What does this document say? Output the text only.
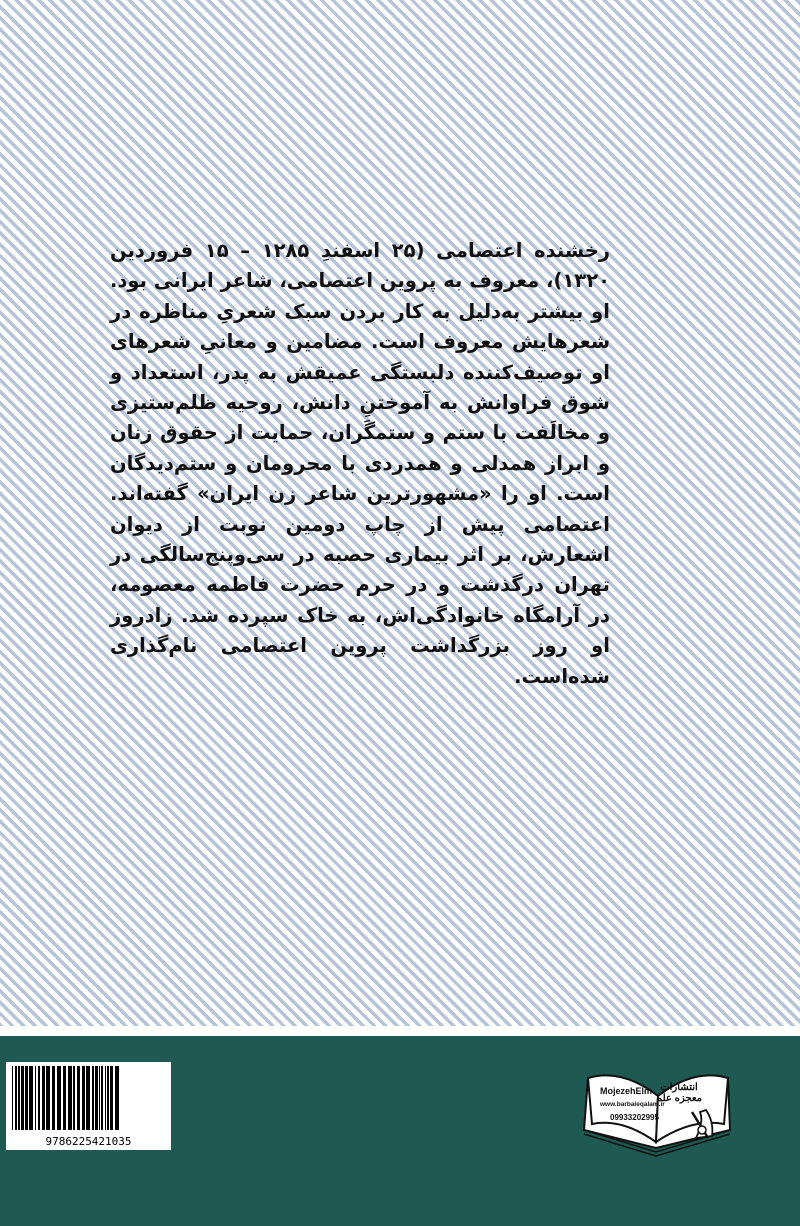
رخشنده اعتصامی (۲۵ اسفندِ ۱۲۸۵ – ۱۵ فروردین ۱۳۲۰)، معروف به پروین اعتصامی، شاعر ایرانی بود. او بیشتر به‌دلیل به کار بردن سبک شعریِ مناظره در شعرهایش معروف است. مضامین و معانیِ شعرهای او توصیف‌کننده دلبستگی عمیقش به پدر، استعداد و شوق فراوانش به آموختنِ دانش، روحیه ظلم‌ستیزی و مخالَفت با ستم و ستمگَران، حمایت از حقوق زنان و ابراز همدلی و همدردی با محرومان و ستم‌دیدگان است. او را «مشهورترین شاعر زن ایران» گفته‌اند. اعتصامی پیش از چاپ دومین نوبت از دیوان اشعارش، بر اثر بیماری حصبه در سی‌وپنج‌سالگی در تهران درگذشت و در حرم حضرت فاطمه معصومه، در آرامگاه خانوادگی‌اش، به خاک سپرده شد. زادروز او روز بزرگداشت پروین اعتصامی نام‌گذاری شده‌است.

9786225421035
انتشارات معجزه علم
MojezehElm
www.barbaleqalam.ir
09933202995
